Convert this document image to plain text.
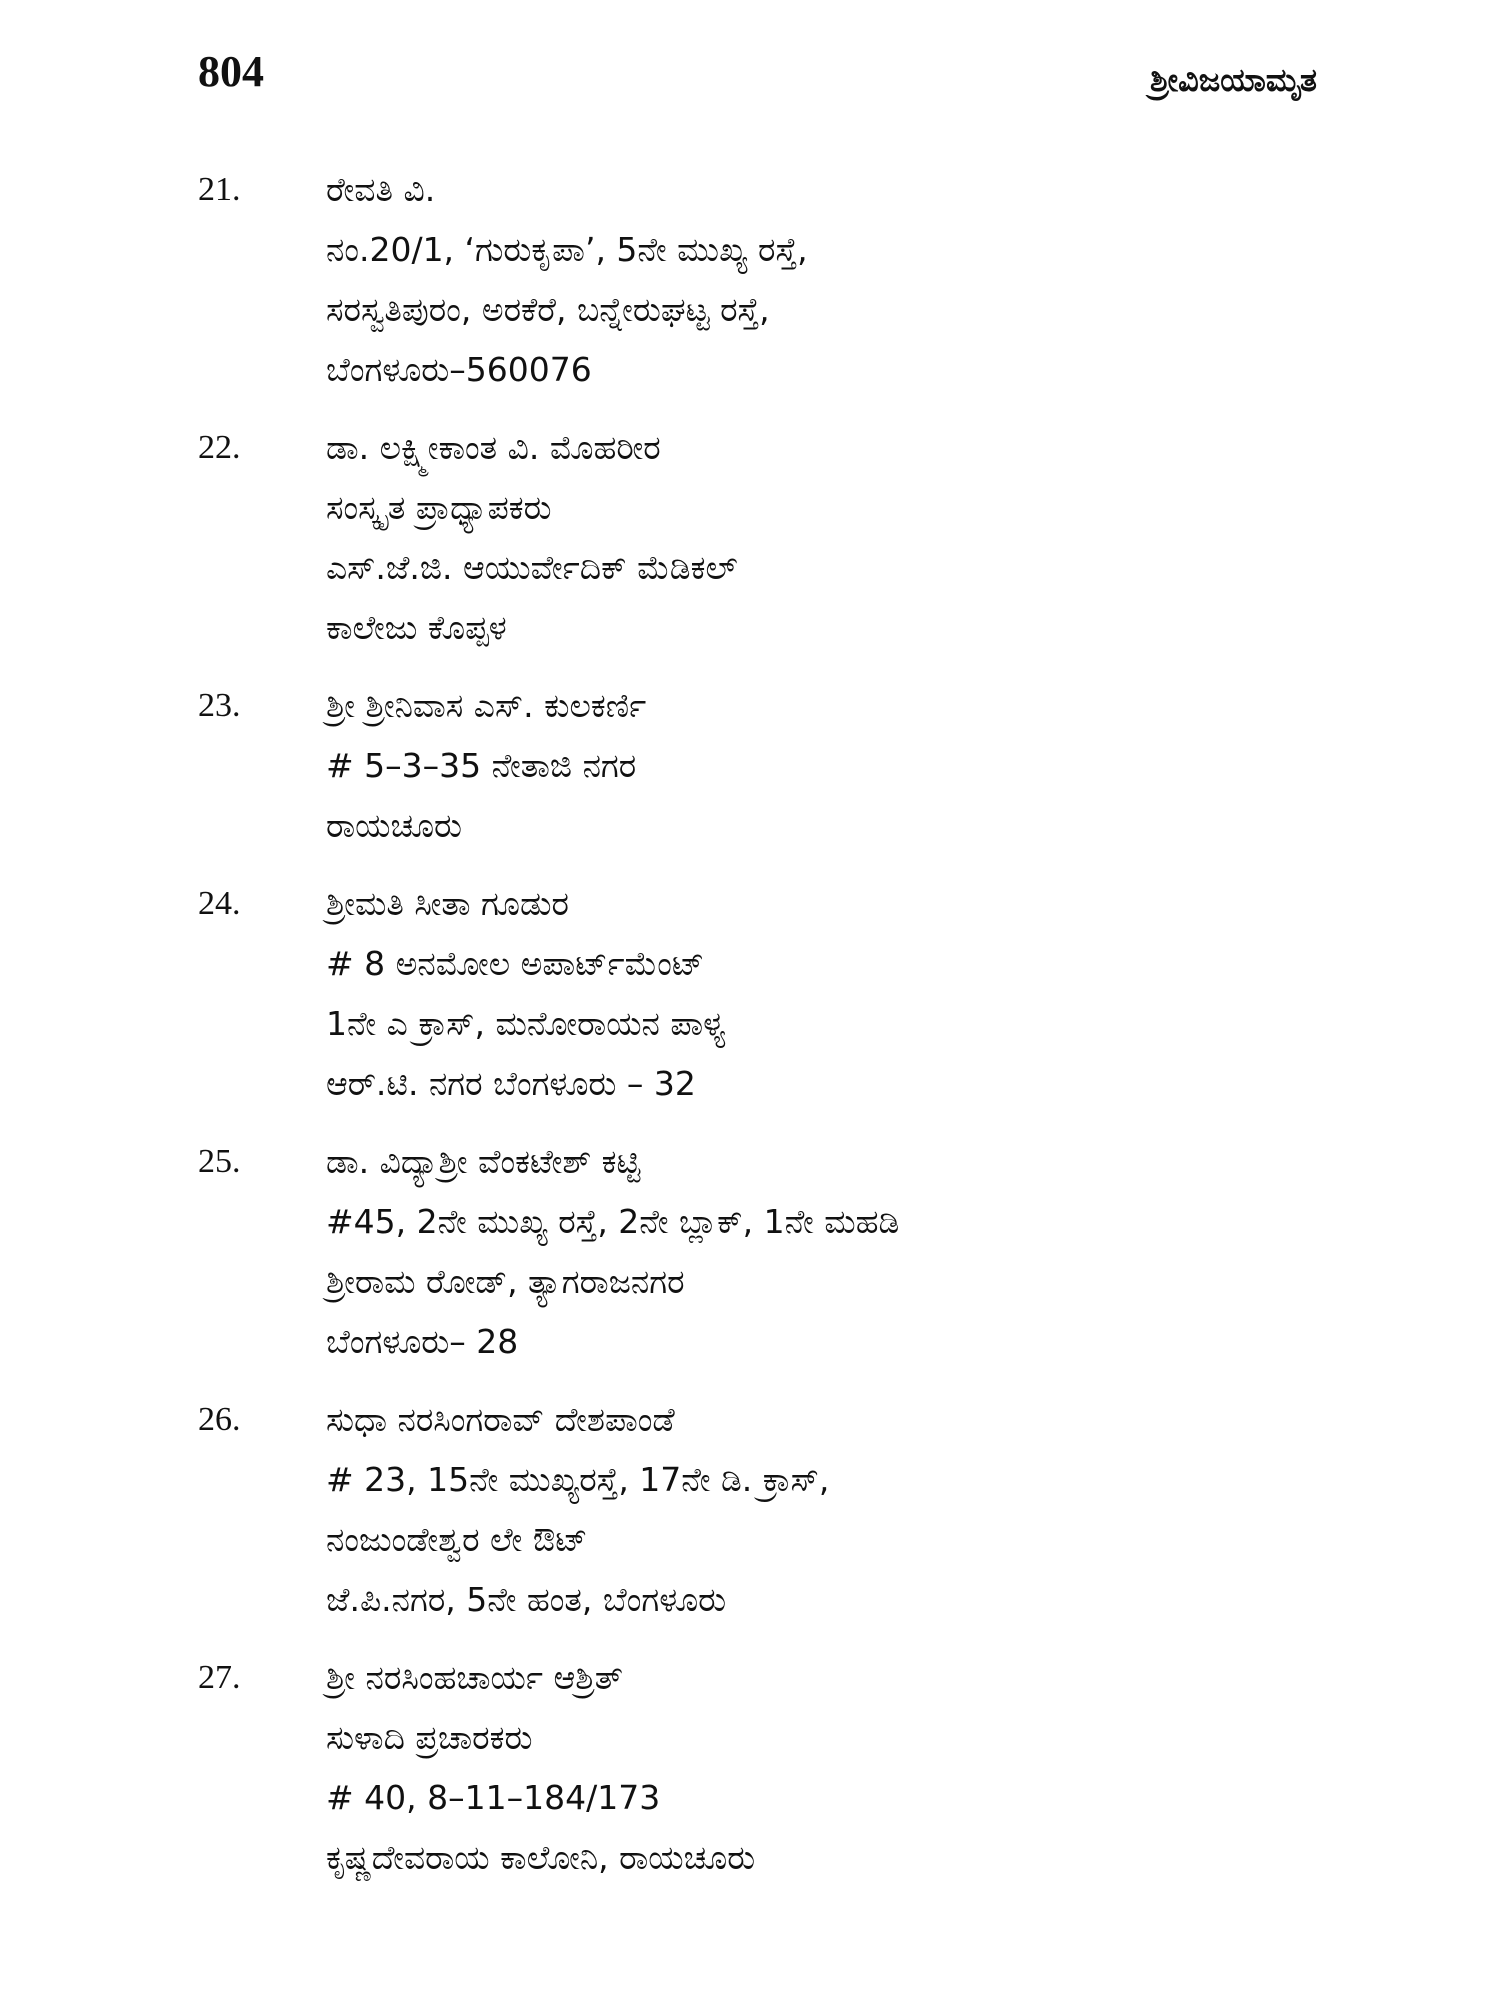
804	ಶ್ರೀವಿಜಯಾಮೃತ
21.	ರೇವತಿ ವಿ.
ನಂ.20/1, ‘ಗುರುಕೃಪಾ’, 5ನೇ ಮುಖ್ಯ ರಸ್ತೆ,
ಸರಸ್ವತಿಪುರಂ, ಅರಕೆರೆ, ಬನ್ನೇರುಘಟ್ಟ ರಸ್ತೆ,
ಬೆಂಗಳೂರು–560076
22.	ಡಾ. ಲಕ್ಷ್ಮೀಕಾಂತ ವಿ. ಮೊಹರೀರ
ಸಂಸ್ಕೃತ ಪ್ರಾಧ್ಯಾಪಕರು
ಎಸ್.ಜೆ.ಜಿ. ಆಯುರ್ವೇದಿಕ್ ಮೆಡಿಕಲ್
ಕಾಲೇಜು ಕೊಪ್ಪಳ
23.	ಶ್ರೀ ಶ್ರೀನಿವಾಸ ಎಸ್. ಕುಲಕರ್ಣಿ
# 5–3–35 ನೇತಾಜಿ ನಗರ
ರಾಯಚೂರು
24.	ಶ್ರೀಮತಿ ಸೀತಾ ಗೂಡುರ
# 8 ಅನಮೋಲ ಅಪಾರ್ಟ್‌ಮೆಂಟ್
1ನೇ ಎ ಕ್ರಾಸ್, ಮನೋರಾಯನ ಪಾಳ್ಯ
ಆರ್.ಟಿ. ನಗರ ಬೆಂಗಳೂರು – 32
25.	ಡಾ. ವಿದ್ಯಾಶ್ರೀ ವೆಂಕಟೇಶ್ ಕಟ್ಟಿ
#45, 2ನೇ ಮುಖ್ಯ ರಸ್ತೆ, 2ನೇ ಬ್ಲಾಕ್, 1ನೇ ಮಹಡಿ
ಶ್ರೀರಾಮ ರೋಡ್, ತ್ಯಾಗರಾಜನಗರ
ಬೆಂಗಳೂರು– 28
26.	ಸುಧಾ ನರಸಿಂಗರಾವ್ ದೇಶಪಾಂಡೆ
# 23, 15ನೇ ಮುಖ್ಯರಸ್ತೆ, 17ನೇ ಡಿ. ಕ್ರಾಸ್,
ನಂಜುಂಡೇಶ್ವರ ಲೇ ಔಟ್
ಜೆ.ಪಿ.ನಗರ, 5ನೇ ಹಂತ, ಬೆಂಗಳೂರು
27.	ಶ್ರೀ ನರಸಿಂಹಚಾರ್ಯ ಆಶ್ರಿತ್
ಸುಳಾದಿ ಪ್ರಚಾರಕರು
# 40, 8–11–184/173
ಕೃಷ್ಣದೇವರಾಯ ಕಾಲೋನಿ, ರಾಯಚೂರು
